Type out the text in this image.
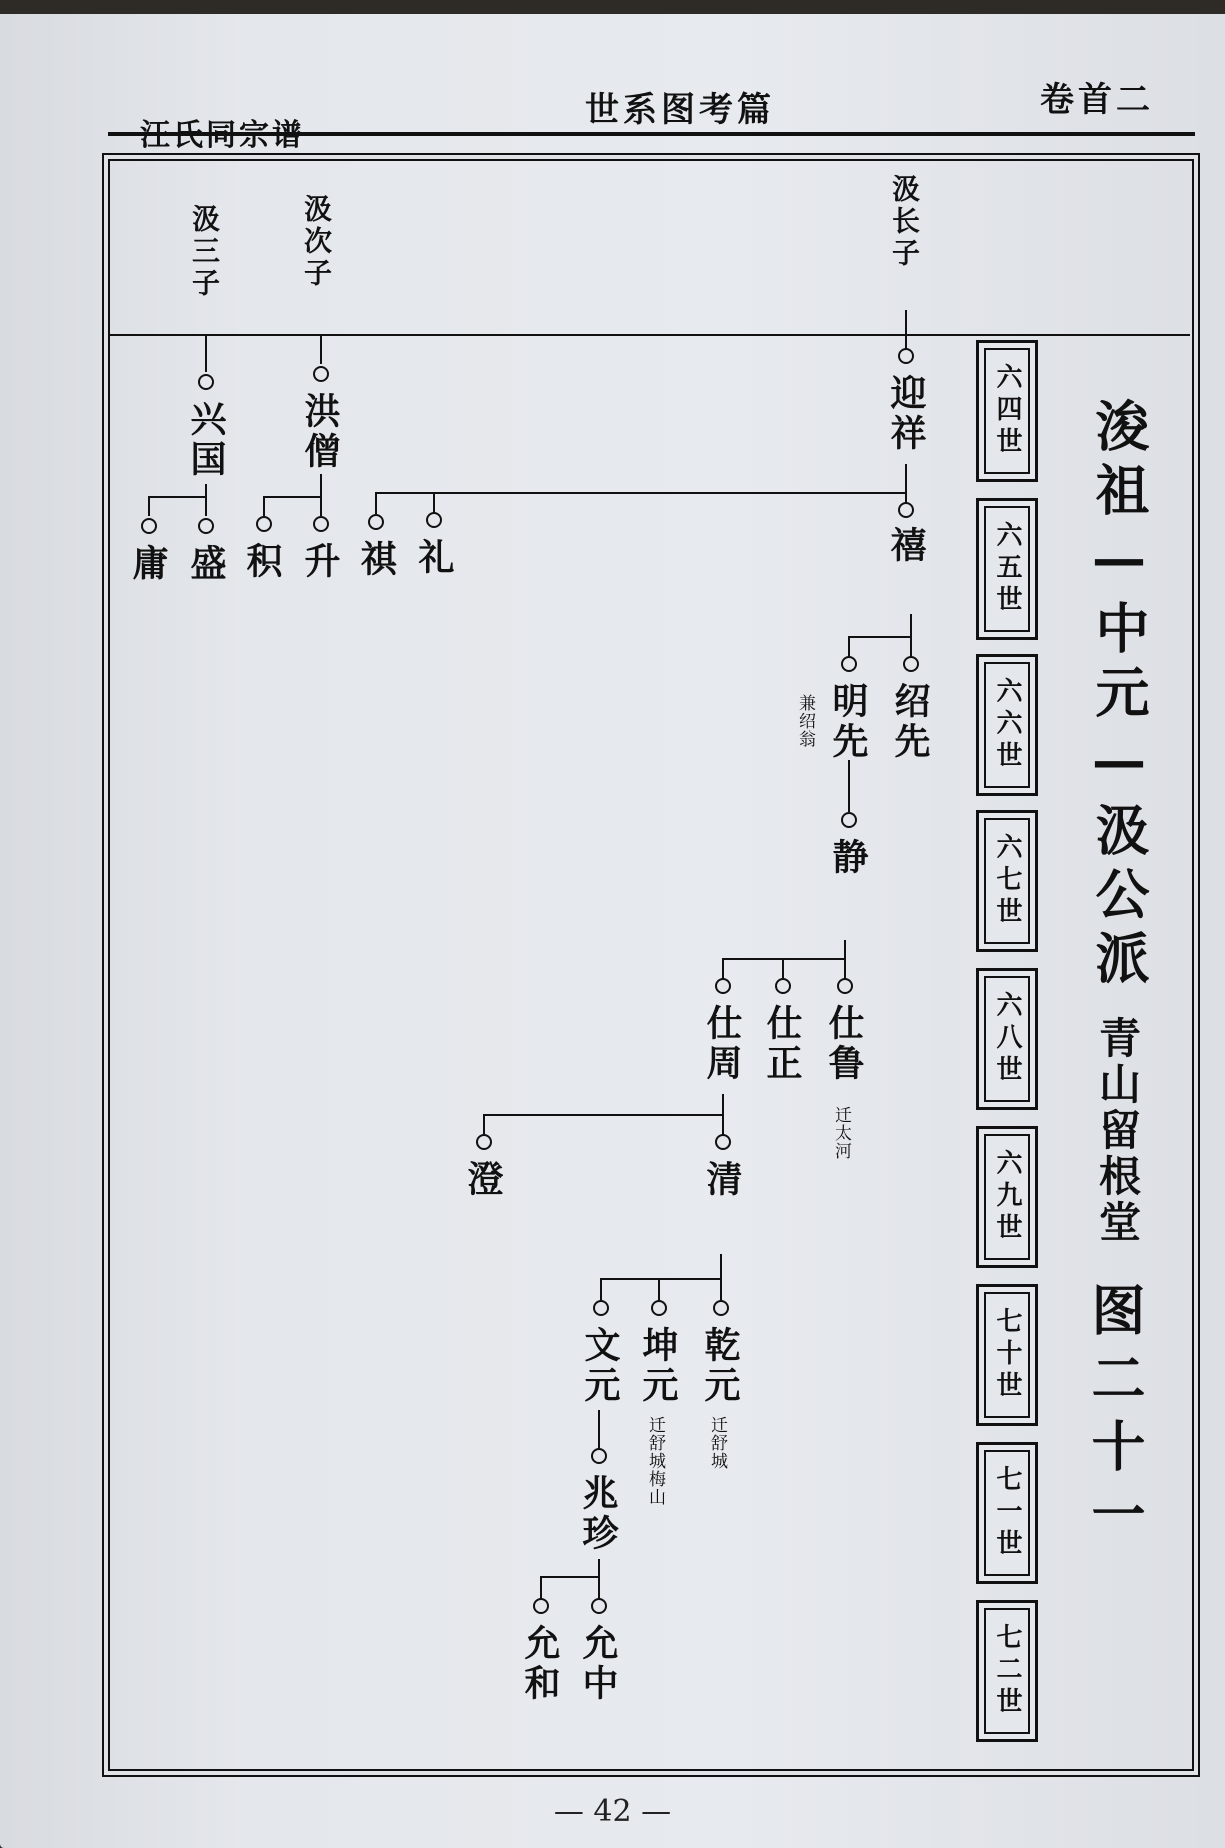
世系图考篇	卷首二
汲长子
汲次子
汲三子
迎祥
洪僧
兴国
禧
礼
祺
升
积
盛
庸
绍先
明先
兼绍翁
静
仕鲁
迁太河
仕正
仕周
清
澄
乾元
迁舒城
坤元
迁舒城梅山
文元
兆珍
允中
允和
六四世
六五世
六六世
六七世
六八世
六九世
七十世
七一世
七二世
浚祖—中元—汲公派
青山留根堂
图二十一
— 42 —
